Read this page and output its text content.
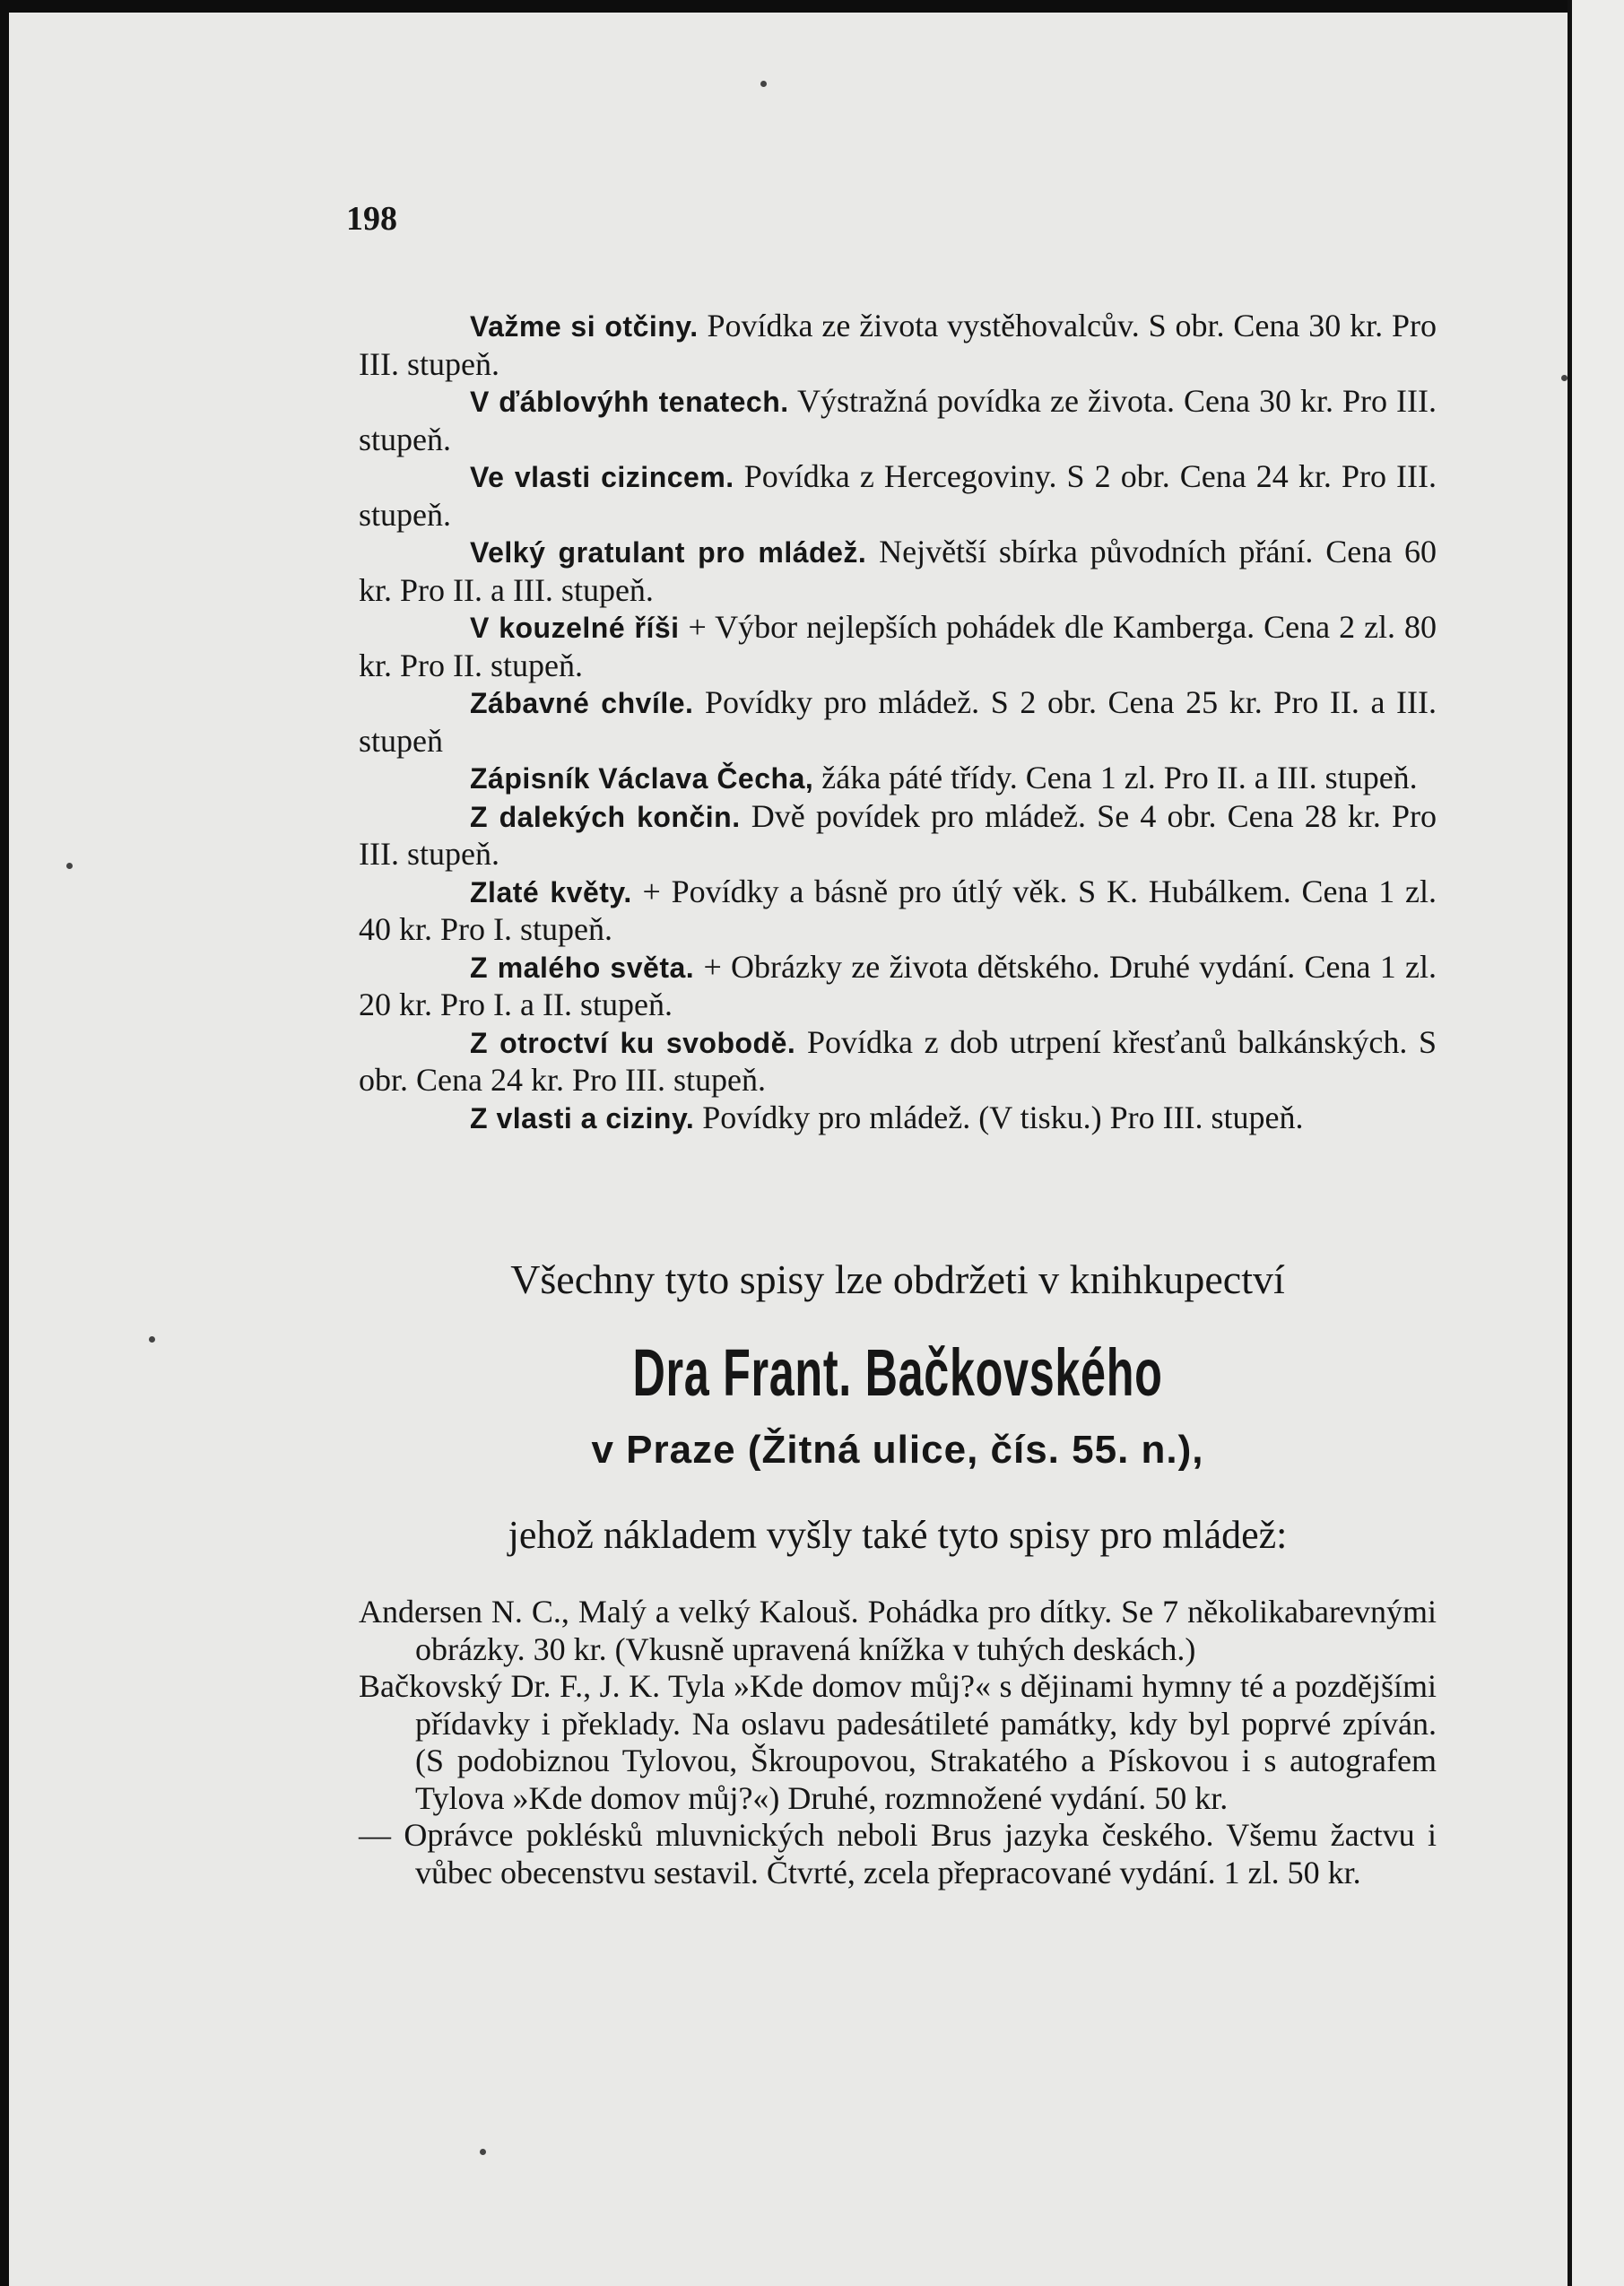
198

Važme si otčiny. Povídka ze života vystěhovalcův. S obr. Cena 30 kr. Pro III. stupeň.

V ďáblovýhh tenatech. Výstražná povídka ze života. Cena 30 kr. Pro III. stupeň.

Ve vlasti cizincem. Povídka z Hercegoviny. S 2 obr. Cena 24 kr. Pro III. stupeň.

Velký gratulant pro mládež. Největší sbírka původních přání. Cena 60 kr. Pro II. a III. stupeň.

V kouzelné říši + Výbor nejlepších pohádek dle Kamberga. Cena 2 zl. 80 kr. Pro II. stupeň.

Zábavné chvíle. Povídky pro mládež. S 2 obr. Cena 25 kr. Pro II. a III. stupeň

Zápisník Václava Čecha, žáka páté třídy. Cena 1 zl. Pro II. a III. stupeň.

Z dalekých končin. Dvě povídek pro mládež. Se 4 obr. Cena 28 kr. Pro III. stupeň.

Zlaté květy. + Povídky a básně pro útlý věk. S K. Hubálkem. Cena 1 zl. 40 kr. Pro I. stupeň.

Z malého světa. + Obrázky ze života dětského. Druhé vydání. Cena 1 zl. 20 kr. Pro I. a II. stupeň.

Z otroctví ku svobodě. Povídka z dob utrpení křesťanů balkánských. S obr. Cena 24 kr. Pro III. stupeň.

Z vlasti a ciziny. Povídky pro mládež. (V tisku.) Pro III. stupeň.

Všechny tyto spisy lze obdržeti v knihkupectví
Dra Frant. Bačkovského
v Praze (Žitná ulice, čís. 55. n.),
jehož nákladem vyšly také tyto spisy pro mládež:

Andersen N. C., Malý a velký Kalouš. Pohádka pro dítky. Se 7 několikabarevnými obrázky. 30 kr. (Vkusně upravená knížka v tuhých deskách.)

Bačkovský Dr. F., J. K. Tyla »Kde domov můj?« s dějinami hymny té a pozdějšími přídavky i překlady. Na oslavu padesátileté památky, kdy byl poprvé zpíván. (S podobiznou Tylovou, Škroupovou, Strakatého a Pískovou i s autografem Tylova »Kde domov můj?«) Druhé, rozmnožené vydání. 50 kr.

— Oprávce poklésků mluvnických neboli Brus jazyka českého. Všemu žactvu i vůbec obecenstvu sestavil. Čtvrté, zcela přepracované vydání. 1 zl. 50 kr.
